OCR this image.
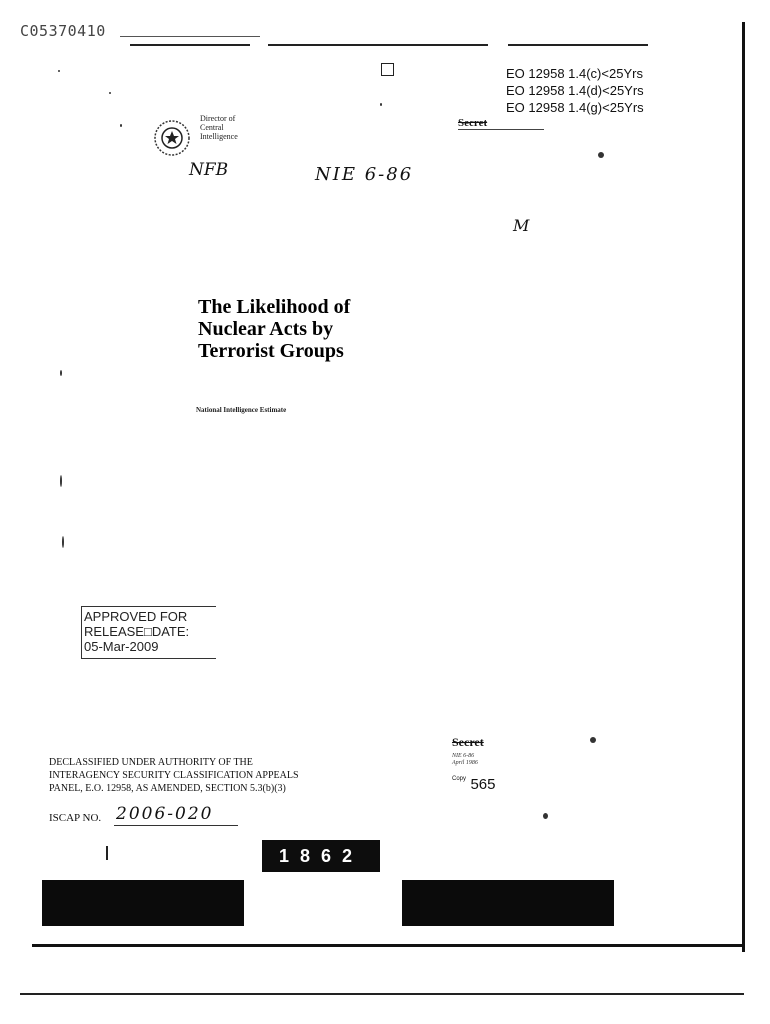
C05370410
EO 12958 1.4(c)<25Yrs
EO 12958 1.4(d)<25Yrs
EO 12958 1.4(g)<25Yrs
Director of
Central
Intelligence
Secret
NFB	NIE 6-86
M
The Likelihood of
Nuclear Acts by
Terrorist Groups
National Intelligence Estimate
APPROVED FOR
RELEASE□DATE:
05-Mar-2009
Secret
NIE 6-86
April 1986
$^{Copy}$ 565
DECLASSIFIED UNDER AUTHORITY OF THE
INTERAGENCY SECURITY CLASSIFICATION APPEALS
PANEL, E.O. 12958, AS AMENDED, SECTION 5.3(b)(3)
ISCAP NO. 2006-020
1862
